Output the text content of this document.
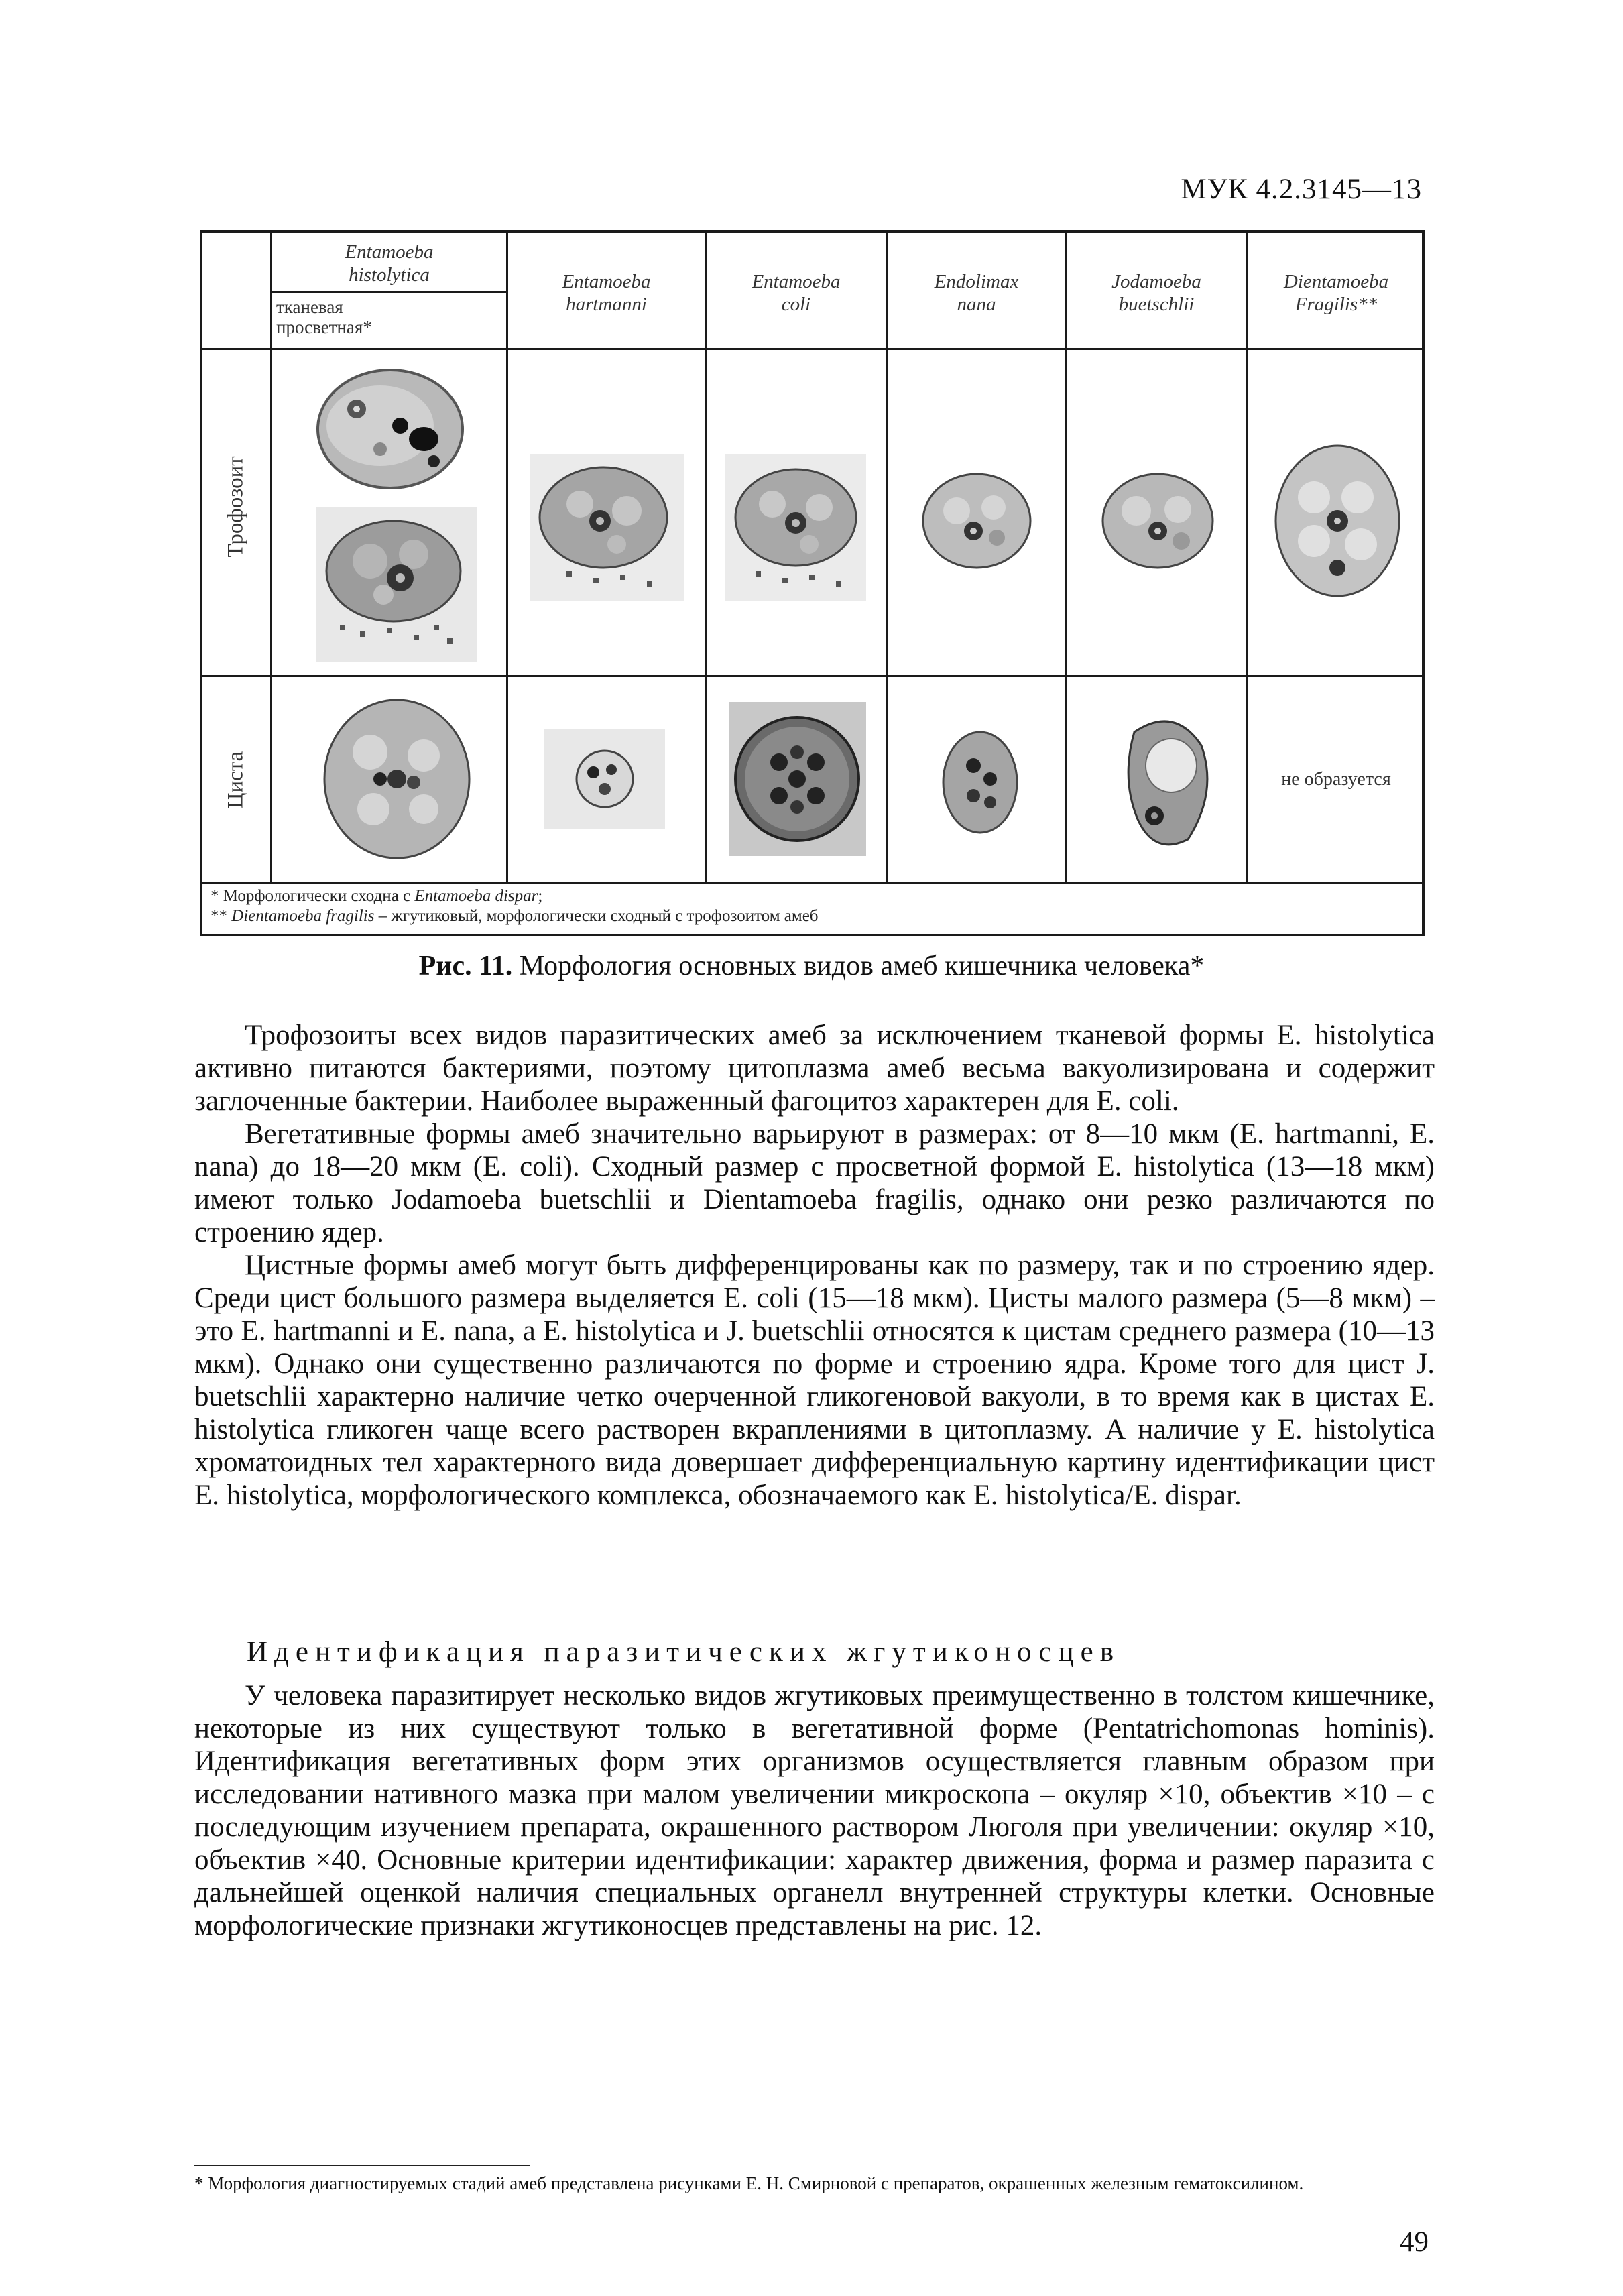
МУК 4.2.3145—13
Entamoeba
histolytica
тканевая
просветная*
Entamoeba
hartmanni
Entamoeba
coli
Endolimax
nana
Jodamoeba
buetschlii
Dientamoeba
Fragilis**
Трофозоит
Циста	не образуется
* Морфологически сходна с Entamoeba dispar;
** Dientamoeba fragilis – жгутиковый, морфологически сходный с трофозоитом амеб
Рис. 11. Морфология основных видов амеб кишечника человека*

Трофозоиты всех видов паразитических амеб за исключением тканевой формы E. histolytica активно питаются бактериями, поэтому цитоплазма амеб весьма вакуолизирована и содержит заглоченные бактерии. Наиболее выраженный фагоцитоз характерен для E. coli.

Вегетативные формы амеб значительно варьируют в размерах: от 8—10 мкм (E. hartmanni, E. nana) до 18—20 мкм (E. coli). Сходный размер с просветной формой E. histolytica (13—18 мкм) имеют только Jodamoeba buetschlii и Dientamoeba fragilis, однако они резко различаются по строению ядер.

Цистные формы амеб могут быть дифференцированы как по размеру, так и по строению ядер. Среди цист большого размера выделяется E. coli (15—18 мкм). Цисты малого размера (5—8 мкм) – это E. hartmanni и E. nana, а E. histolytica и J. buetschlii относятся к цистам среднего размера (10—13 мкм). Однако они существенно различаются по форме и строению ядра. Кроме того для цист J. buetschlii характерно наличие четко очерченной гликогеновой вакуоли, в то время как в цистах E. histolytica гликоген чаще всего растворен вкраплениями в цитоплазму. А наличие у E. histolytica хроматоидных тел характерного вида довершает дифференциальную картину идентификации цист E. histolytica, морфологического комплекса, обозначаемого как E. histolytica/E. dispar.

Идентификация паразитических жгутиконосцев

У человека паразитирует несколько видов жгутиковых преимущественно в толстом кишечнике, некоторые из них существуют только в вегетативной форме (Pentatrichomonas hominis). Идентификация вегетативных форм этих организмов осуществляется главным образом при исследовании нативного мазка при малом увеличении микроскопа – окуляр ×10, объектив ×10 – с последующим изучением препарата, окрашенного раствором Люголя при увеличении: окуляр ×10, объектив ×40. Основные критерии идентификации: характер движения, форма и размер паразита с дальнейшей оценкой наличия специальных органелл внутренней структуры клетки. Основные морфологические признаки жгутиконосцев представлены на рис. 12.

* Морфология диагностируемых стадий амеб представлена рисунками Е. Н. Смирновой с препаратов, окрашенных железным гематоксилином.
49
